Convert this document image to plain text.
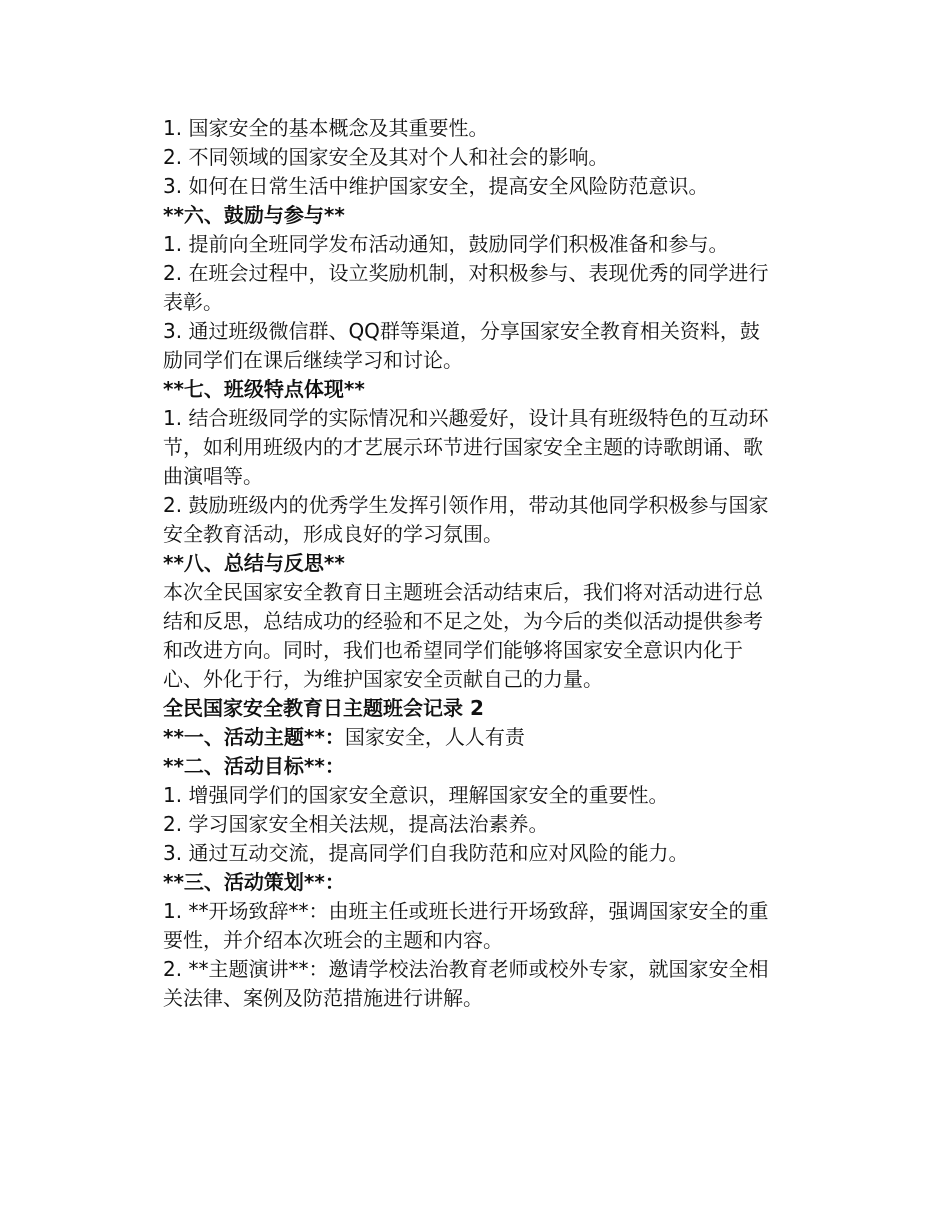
1. 国家安全的基本概念及其重要性。

2. 不同领域的国家安全及其对个人和社会的影响。

3. 如何在日常生活中维护国家安全，提高安全风险防范意识。

**六、鼓励与参与**

1. 提前向全班同学发布活动通知，鼓励同学们积极准备和参与。

2. 在班会过程中，设立奖励机制，对积极参与、表现优秀的同学进行表彰。

3. 通过班级微信群、QQ群等渠道，分享国家安全教育相关资料，鼓励同学们在课后继续学习和讨论。

**七、班级特点体现**

1. 结合班级同学的实际情况和兴趣爱好，设计具有班级特色的互动环节，如利用班级内的才艺展示环节进行国家安全主题的诗歌朗诵、歌曲演唱等。

2. 鼓励班级内的优秀学生发挥引领作用，带动其他同学积极参与国家安全教育活动，形成良好的学习氛围。

**八、总结与反思**

本次全民国家安全教育日主题班会活动结束后，我们将对活动进行总结和反思，总结成功的经验和不足之处，为今后的类似活动提供参考和改进方向。同时，我们也希望同学们能够将国家安全意识内化于心、外化于行，为维护国家安全贡献自己的力量。

全民国家安全教育日主题班会记录 2

**一、活动主题**：国家安全，人人有责

**二、活动目标**：

1. 增强同学们的国家安全意识，理解国家安全的重要性。

2. 学习国家安全相关法规，提高法治素养。

3. 通过互动交流，提高同学们自我防范和应对风险的能力。

**三、活动策划**：

1. **开场致辞**：由班主任或班长进行开场致辞，强调国家安全的重要性，并介绍本次班会的主题和内容。

2. **主题演讲**：邀请学校法治教育老师或校外专家，就国家安全相关法律、案例及防范措施进行讲解。
